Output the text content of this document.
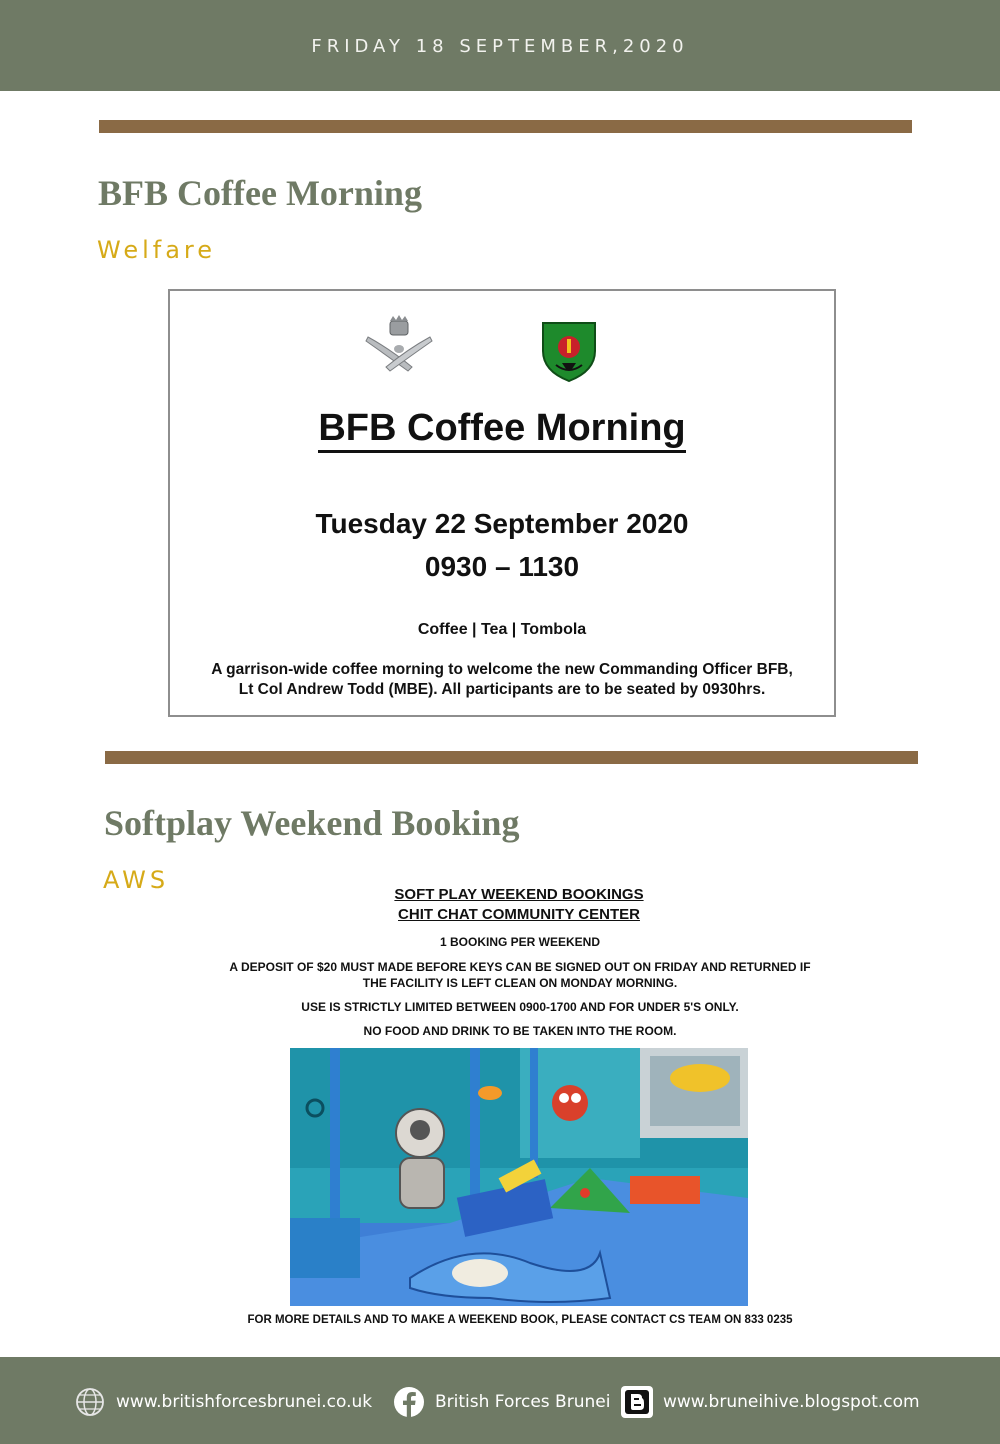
FRIDAY 18 SEPTEMBER,2020
BFB Coffee Morning
Welfare
BFB Coffee Morning
Tuesday 22 September 2020
0930 – 1130
Coffee | Tea | Tombola
A garrison-wide coffee morning to welcome the new Commanding Officer BFB,
Lt Col Andrew Todd (MBE). All participants are to be seated by 0930hrs.
Softplay Weekend Booking
AWS
SOFT PLAY WEEKEND BOOKINGS
CHIT CHAT COMMUNITY CENTER
1 BOOKING PER WEEKEND
A DEPOSIT OF $20 MUST MADE BEFORE KEYS CAN BE SIGNED OUT ON FRIDAY AND RETURNED IF
THE FACILITY IS LEFT CLEAN ON MONDAY MORNING.
USE IS STRICTLY LIMITED BETWEEN 0900-1700 AND FOR UNDER 5'S ONLY.
NO FOOD AND DRINK TO BE TAKEN INTO THE ROOM.
FOR MORE DETAILS AND TO MAKE A WEEKEND BOOK, PLEASE CONTACT CS TEAM ON 833 0235
www.britishforcesbrunei.co.uk	British Forces Brunei	www.bruneihive.blogspot.com
